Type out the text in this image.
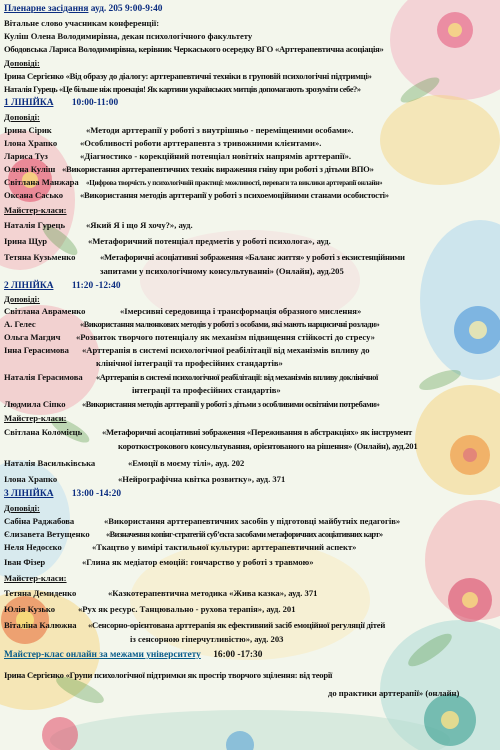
Пленарне засідання ауд. 205 9:00-9:40
Вітальне слово учасникам конференції:
Куліш Олена Володимирівна, декан психологічного факультету
Ободовська Лариса Володимирівна, керівник Черкаського осередку ВГО «Арттерапевтична асоціація»
Доповіді:
Ірина Сергієнко «Від образу до діалогу: арттерапевтичні техніки в груповій психологічні підтримці»
Наталія Гурець «Це більше ніж проекція! Як картини українських митців допомагають зрозуміти себе?»
1 ЛІНІЙКА 10:00-11:00
Доповіді:
Ірина Сірик	«Методи арттерапії у роботі з внутрішньо - переміщеними особами».
Ілона Храпко	«Особливості роботи арттерапевта з тривожними клієнтами».
Лариса Туз	«Діагностико - корекційний потенціал новітніх напрямів арттерапії».
Олена Куліш «Використання арттерапевтичних технік вираження гніву при роботі з дітьми ВПО»
Світлана Манжара «Цифрова творчість у психологічній практиці: можливості, переваги та виклики арттерапії онлайн»
Оксана Сасько «Використання методів арттерапії у роботі з психоемоційними станами особистості»
Майстер-класи:
Наталія Гурець «Який Я і що Я хочу?», ауд.
Ірина Щур	«Метафоричний потенціал предметів у роботі психолога», ауд.
Тетяна Кузьменко	«Метафоричні асоціативні зображення «Баланс життя» у роботі з екзистенційними
запитами у психологічному консультуванні» (Онлайн), ауд.205
2 ЛІНІЙКА 11:20 -12:40
Доповіді:
Світлана Авраменко	«Імерсивні середовища і трансформація образного мислення»
А. Гелес	«Використання малюнкових методів у роботі з особами, які мають нарцисичні розлади»
Ольга Магдич «Розвиток творчого потенціалу як механізм підвищення стійкості до стресу»
Інна Герасимова «Арттерапія в системі психологічної реабілітації від механізмів впливу до
клінічної інтеграції та професійних стандартів»
Наталія Герасимова «Арттерапія в системі психологічної реабілітації: від механізмів впливу доклінічної
інтеграції та професійних стандартів»
Людмила Сіпко «Використання методів арттерапії у роботі з дітьми з особливими освітніми потребами»
Майстер-класи:
Світлана Коломієць «Метафоричні асоціативні зображення «Переживання в абстракціях» як інструмент
короткострокового консультування, орієнтованого на рішення» (Онлайн), ауд.201
Наталія Васильківська	«Емоції в моєму тілі», ауд. 202
Ілона Храпко	«Нейрографічна квітка розвитку», ауд. 371
3 ЛІНІЙКА 13:00 -14:20
Доповіді:
Сабіна Раджабова	«Використання арттерапевтичних засобів у підготовці майбутніх педагогів»
Єлизавета Ветущенко «Визначення копінг-стратегій суб’єкта засобами метафоричних асоціативних карт»
Неля Недосєко	«Ткацтво у вимірі тактильної культури: арттерапевтичний аспект»
Іван Фізер	«Глина як медіатор емоцій: гончарство у роботі з травмою»
Майстер-класи:
Тетяна Демиденко	«Казкотерапевтична методика «Жива казка», ауд. 371
Юлія Кузько	«Рух як ресурс. Танцювально - рухова терапія», ауд. 201
Віталіна Калюжна «Сенсорно-орієнтована арттерапія як ефективний засіб емоційної регуляції дітей
із сенсорною гіперчутливістю», ауд. 203
Майстер-клас онлайн за межами університету 16:00 -17:30
Ірина Сергієнко «Групи психологічної підтримки як простір творчого зцілення: від теорії
до практики арттерапії» (онлайн)
